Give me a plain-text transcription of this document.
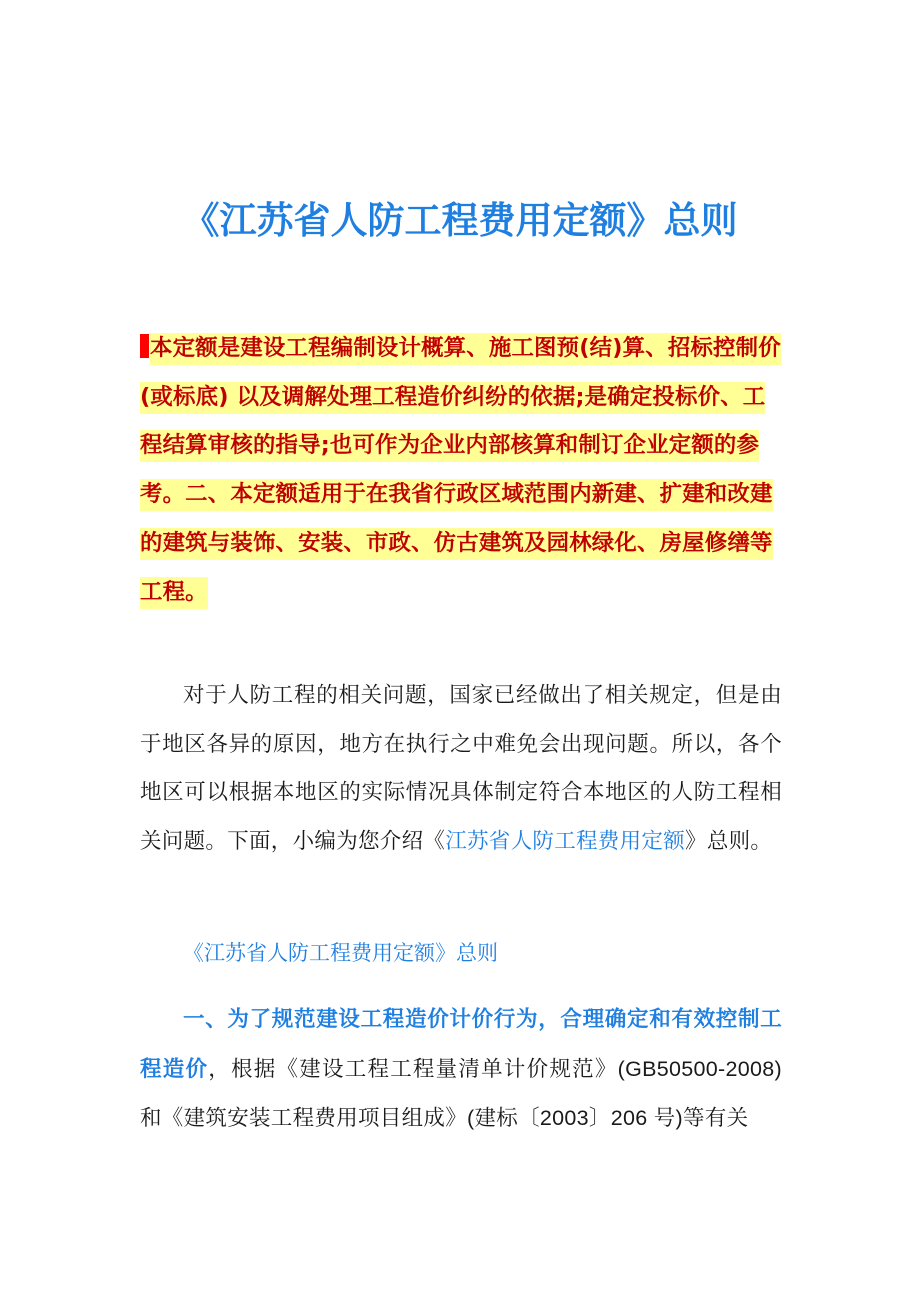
《江苏省人防工程费用定额》总则

本定额是建设工程编制设计概算、施工图预(结)算、招标控制价(或标底) 以及调解处理工程造价纠纷的依据;是确定投标价、工程结算审核的指导;也可作为企业内部核算和制订企业定额的参考。二、本定额适用于在我省行政区域范围内新建、扩建和改建的建筑与装饰、安装、市政、仿古建筑及园林绿化、房屋修缮等工程。

对于人防工程的相关问题，国家已经做出了相关规定，但是由于地区各异的原因，地方在执行之中难免会出现问题。所以，各个地区可以根据本地区的实际情况具体制定符合本地区的人防工程相关问题。下面，小编为您介绍《江苏省人防工程费用定额》总则。

《江苏省人防工程费用定额》总则

一、为了规范建设工程造价计价行为，合理确定和有效控制工程造价，根据《建设工程工程量清单计价规范》(GB50500-2008)和《建筑安装工程费用项目组成》(建标〔2003〕206 号)等有关
